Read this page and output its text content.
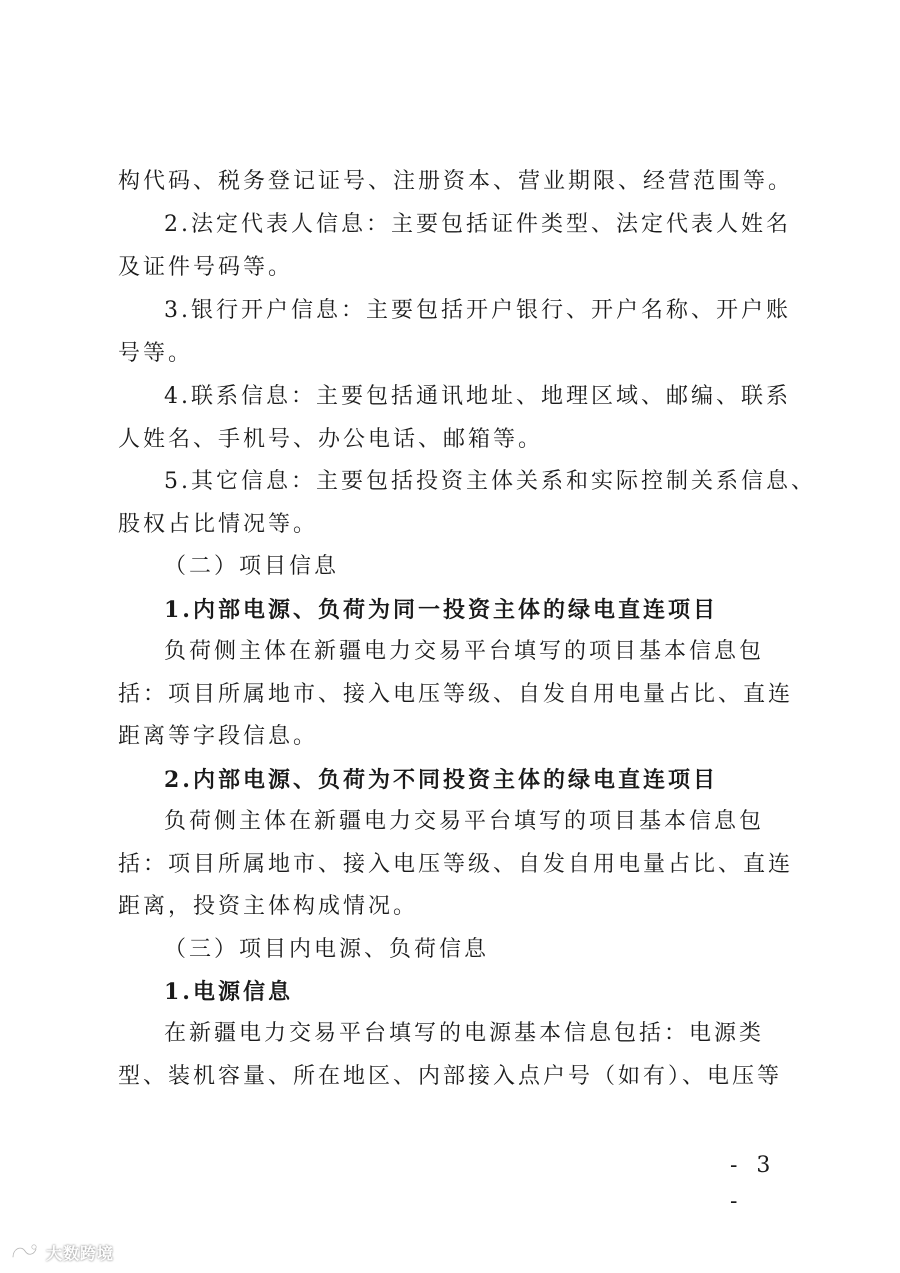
构代码、税务登记证号、注册资本、营业期限、经营范围等。
2.法定代表人信息：主要包括证件类型、法定代表人姓名
及证件号码等。
3.银行开户信息：主要包括开户银行、开户名称、开户账
号等。
4.联系信息：主要包括通讯地址、地理区域、邮编、联系
人姓名、手机号、办公电话、邮箱等。
5.其它信息：主要包括投资主体关系和实际控制关系信息、
股权占比情况等。
（二）项目信息
1.内部电源、负荷为同一投资主体的绿电直连项目
负荷侧主体在新疆电力交易平台填写的项目基本信息包
括：项目所属地市、接入电压等级、自发自用电量占比、直连
距离等字段信息。
2.内部电源、负荷为不同投资主体的绿电直连项目
负荷侧主体在新疆电力交易平台填写的项目基本信息包
括：项目所属地市、接入电压等级、自发自用电量占比、直连
距离，投资主体构成情况。
（三）项目内电源、负荷信息
1.电源信息
在新疆电力交易平台填写的电源基本信息包括：电源类
型、装机容量、所在地区、内部接入点户号（如有）、电压等
- 3 -
大数跨境
